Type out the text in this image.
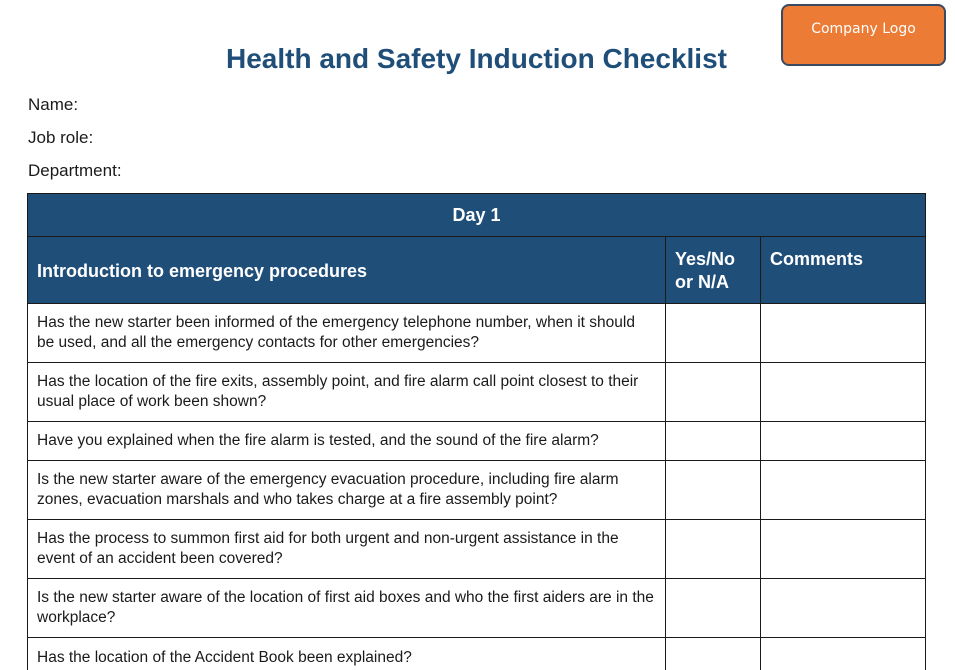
Company Logo
Health and Safety Induction Checklist
Name:
Job role:
Department:
Day 1		
Introduction to emergency procedures	Yes/No or N/A	Comments
Has the new starter been informed of the emergency telephone number, when it should be used, and all the emergency contacts for other emergencies?		
Has the location of the fire exits, assembly point, and fire alarm call point closest to their usual place of work been shown?		
Have you explained when the fire alarm is tested, and the sound of the fire alarm?		
Is the new starter aware of the emergency evacuation procedure, including fire alarm zones, evacuation marshals and who takes charge at a fire assembly point?		
Has the process to summon first aid for both urgent and non-urgent assistance in the event of an accident been covered?		
Is the new starter aware of the location of first aid boxes and who the first aiders are in the workplace?		
Has the location of the Accident Book been explained?		
